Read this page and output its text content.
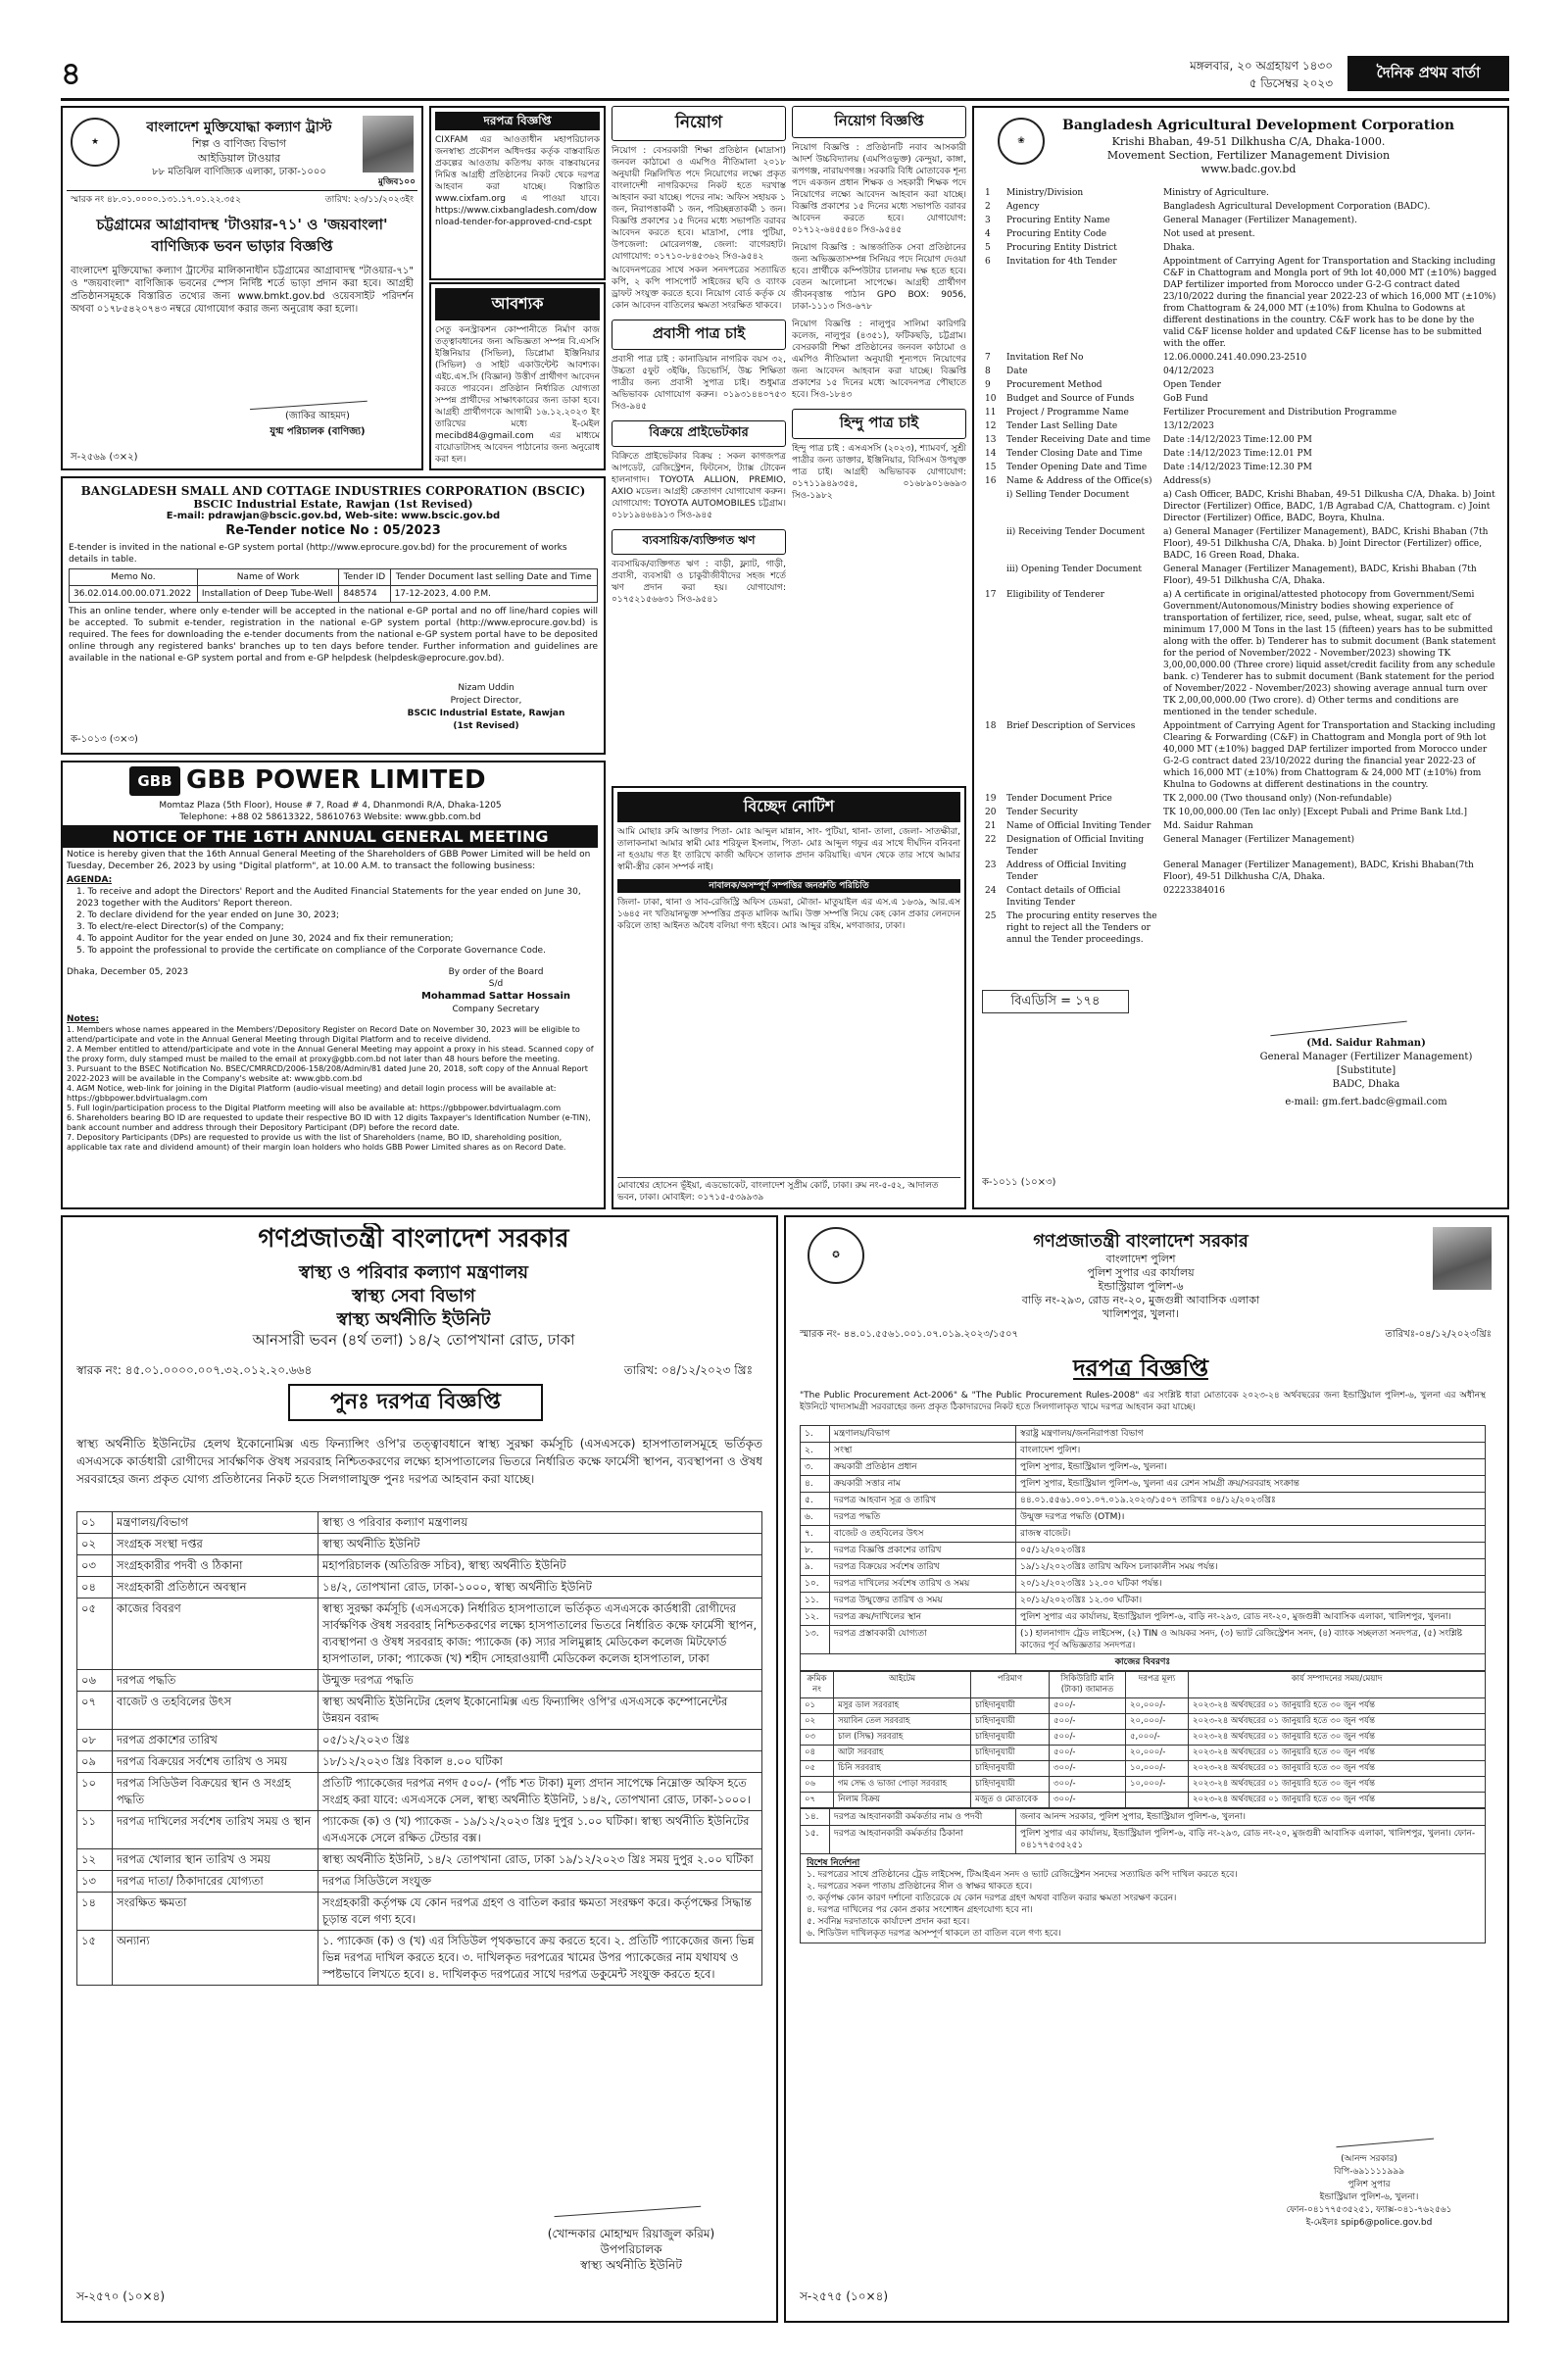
৪	মঙ্গলবার, ২০ অগ্রহায়ণ ১৪৩০
৫ ডিসেম্বর ২০২৩
দৈনিক প্রথম বার্তা
★
বাংলাদেশ মুক্তিযোদ্ধা কল্যাণ ট্রাস্ট
শিল্প ও বাণিজ্য বিভাগ
আইডিয়াল টাওয়ার
৮৮ মতিঝিল বাণিজ্যিক এলাকা, ঢাকা-১০০০
মুজিব১০০
স্মারক নং ৪৮.০১.০০০০.১৩১.১৭.০১.২২.৩৫২	তারিখ: ২৩/১১/২০২৩ইং
চট্টগ্রামের আগ্রাবাদস্থ 'টাওয়ার-৭১' ও 'জয়বাংলা' বাণিজ্যিক ভবন ভাড়ার বিজ্ঞপ্তি
বাংলাদেশ মুক্তিযোদ্ধা কল্যাণ ট্রাস্টের মালিকানাধীন চট্টগ্রামের আগ্রাবাদস্থ "টাওয়ার-৭১" ও "জয়বাংলা" বাণিজ্যিক ভবনের স্পেস নির্দিষ্ট শর্তে ভাড়া প্রদান করা হবে। আগ্রহী প্রতিষ্ঠানসমূহকে বিস্তারিত তথ্যের জন্য www.bmkt.gov.bd ওয়েবসাইট পরিদর্শন অথবা ০১৭৮৫৪২০৭৪৩ নম্বরে যোগাযোগ করার জন্য অনুরোধ করা হলো।
(জাকির আহমদ)
যুগ্ম পরিচালক (বাণিজ্য)
স-২৫৬৯ (৩×২)
দরপত্র বিজ্ঞপ্তি
CIXFAM এর আওতাধীন মহাপরিচালক জনস্বাস্থ্য প্রকৌশল অধিদপ্তর কর্তৃক বাস্তবায়িত প্রকল্পের আওতায় কতিপয় কাজ বাস্তবায়নের নিমিত্ত আগ্রহী প্রতিষ্ঠানের নিকট থেকে দরপত্র আহবান করা যাচ্ছে। বিস্তারিত www.cixfam.org এ পাওয়া যাবে। https://www.cixbangladesh.com/download-tender-for-approved-cnd-cspt
আবশ্যক
সেতু কনস্ট্রাকশন কোম্পানীতে নির্মাণ কাজ তত্ত্বাবধানের জন্য অভিজ্ঞতা সম্পন্ন বি.এসসি ইঞ্জিনিয়ার (সিভিল), ডিপ্লোমা ইঞ্জিনিয়ার (সিভিল) ও সাইট একাউন্টেন্ট আবশ্যক। এইচ.এস.সি (বিজ্ঞান) উত্তীর্ণ প্রার্থীগণ আবেদন করতে পারবেন। প্রতিষ্ঠান নির্ধারিত যোগ্যতা সম্পন্ন প্রার্থীদের সাক্ষাৎকারের জন্য ডাকা হবে। আগ্রহী প্রার্থীগণকে আগামী ১৬.১২.২০২৩ ইং তারিখের মধ্যে ই-মেইল mecibd84@gmail.com এর মাধ্যমে বায়োডাটাসহ আবেদন পাঠানোর জন্য অনুরোধ করা হল।
BANGLADESH SMALL AND COTTAGE INDUSTRIES CORPORATION (BSCIC)
BSCIC Industrial Estate, Rawjan (1st Revised)
E-mail: pdrawjan@bscic.gov.bd, Web-site: www.bscic.gov.bd
Re-Tender notice No : 05/2023
E-tender is invited in the national e-GP system portal (http://www.eprocure.gov.bd) for the procurement of works details in table.
Memo No.	Name of Work	Tender ID	Tender Document last selling Date and Time
36.02.014.00.00.071.2022	Installation of Deep Tube-Well	848574	17-12-2023, 4.00 P.M.
This an online tender, where only e-tender will be accepted in the national e-GP portal and no off line/hard copies will be accepted. To submit e-tender, registration in the national e-GP system portal (http://www.eprocure.gov.bd) is required. The fees for downloading the e-tender documents from the national e-GP system portal have to be deposited online through any registered banks' branches up to ten days before tender. Further information and guidelines are available in the national e-GP system portal and from e-GP helpdesk (helpdesk@eprocure.gov.bd).
Nizam Uddin
Project Director,
BSCIC Industrial Estate, Rawjan
(1st Revised)
ক-১০১৩ (৩×৩)
GBB GBB POWER LIMITED
Momtaz Plaza (5th Floor), House # 7, Road # 4, Dhanmondi R/A, Dhaka-1205
Telephone: +88 02 58613322, 58610763 Website: www.gbb.com.bd
NOTICE OF THE 16TH ANNUAL GENERAL MEETING
Notice is hereby given that the 16th Annual General Meeting of the Shareholders of GBB Power Limited will be held on Tuesday, December 26, 2023 by using "Digital platform", at 10.00 A.M. to transact the following business:
AGENDA:
1. To receive and adopt the Directors' Report and the Audited Financial Statements for the year ended on June 30, 2023 together with the Auditors' Report thereon.
2. To declare dividend for the year ended on June 30, 2023;
3. To elect/re-elect Director(s) of the Company;
4. To appoint Auditor for the year ended on June 30, 2024 and fix their remuneration;
5. To appoint the professional to provide the certificate on compliance of the Corporate Governance Code.
Dhaka, December 05, 2023	By order of the Board
S/d
Mohammad Sattar Hossain
Company Secretary
Notes:
1. Members whose names appeared in the Members'/Depository Register on Record Date on November 30, 2023 will be eligible to attend/participate and vote in the Annual General Meeting through Digital Platform and to receive dividend.
2. A Member entitled to attend/participate and vote in the Annual General Meeting may appoint a proxy in his stead. Scanned copy of the proxy form, duly stamped must be mailed to the email at proxy@gbb.com.bd not later than 48 hours before the meeting.
3. Pursuant to the BSEC Notification No. BSEC/CMRRCD/2006-158/208/Admin/81 dated June 20, 2018, soft copy of the Annual Report 2022-2023 will be available in the Company's website at: www.gbb.com.bd
4. AGM Notice, web-link for joining in the Digital Platform (audio-visual meeting) and detail login process will be available at: https://gbbpower.bdvirtualagm.com
5. Full login/participation process to the Digital Platform meeting will also be available at: https://gbbpower.bdvirtualagm.com
6. Shareholders bearing BO ID are requested to update their respective BO ID with 12 digits Taxpayer's Identification Number (e-TIN), bank account number and address through their Depository Participant (DP) before the record date.
7. Depository Participants (DPs) are requested to provide us with the list of Shareholders (name, BO ID, shareholding position, applicable tax rate and dividend amount) of their margin loan holders who holds GBB Power Limited shares as on Record Date.
নিয়োগ
নিয়োগ : বেসরকারী শিক্ষা প্রতিষ্ঠান (মাদ্রাসা) জনবল কাঠামো ও এমপিও নীতিমালা ২০১৮ অনুযায়ী নিম্নলিখিত পদে নিয়োগের লক্ষ্যে প্রকৃত বাংলাদেশী নাগরিকদের নিকট হতে দরখাস্ত আহবান করা যাচ্ছে। পদের নাম: অফিস সহায়ক ১ জন, নিরাপত্তাকর্মী ১ জন, পরিচ্ছন্নতাকর্মী ১ জন। বিজ্ঞপ্তি প্রকাশের ১৫ দিনের মধ্যে সভাপতি বরাবর আবেদন করতে হবে। মাদ্রাসা, পোঃ পুটিয়া, উপজেলা: মোরেলগঞ্জ, জেলা: বাগেরহাট। যোগাযোগ: ০১৭১০-৮৪৫৩৬২ সিও-৯৫৪২
আবেদনপত্রের সাথে সকল সনদপত্রের সত্যায়িত কপি, ২ কপি পাসপোর্ট সাইজের ছবি ও ব্যাংক ড্রাফট সংযুক্ত করতে হবে। নিয়োগ বোর্ড কর্তৃক যে কোন আবেদন বাতিলের ক্ষমতা সংরক্ষিত থাকবে।
প্রবাসী পাত্র চাই
প্রবাসী পাত্র চাই : কানাডিয়ান নাগরিক বয়স ৩২, উচ্চতা ৫ফুট ৩ইঞ্চি, ডিভোর্সি, উচ্চ শিক্ষিতা পাত্রীর জন্য প্রবাসী সুপাত্র চাই। শুধুমাত্র অভিভাবক যোগাযোগ করুন। ০১৯৩১৪৪০৭৫৩ সিও-৯৪৫
বিক্রয়ে প্রাইভেটকার
বিক্রিতে প্রাইভেটকার বিক্রয় : সকল কাগজপত্র আপডেট, রেজিস্ট্রেশন, ফিটনেস, ট্যাক্স টোকেন হালনাগাদ। TOYOTA ALLION, PREMIO, AXIO মডেল। আগ্রহী ক্রেতাগণ যোগাযোগ করুন। যোগাযোগ: TOYOTA AUTOMOBILES চট্টগ্রাম। ০১৮১৯৪৬৪৯১৩ সিও-৯৪৫
ব্যবসায়িক/ব্যক্তিগত ঋণ
ব্যবসায়িক/ব্যক্তিগত ঋণ : বাড়ী, ফ্ল্যাট, গাড়ী, প্রবাসী, ব্যবসায়ী ও চাকুরীজীবীদের সহজ শর্তে ঋণ প্রদান করা হয়। যোগাযোগ: ০১৭৫২১৫৬৬৩১ সিও-৯৫৪১
নিয়োগ বিজ্ঞপ্তি
নিয়োগ বিজ্ঞপ্তি : প্রতিষ্ঠানটি নবাব আসকারী আদর্শ উচ্চবিদ্যালয় (এমপিওভুক্ত) কেন্দুয়া, কাঙ্গা, রূপগঞ্জ, নারায়ণগঞ্জ। সরকারি বিধি মোতাবেক শূন্য পদে একজন প্রধান শিক্ষক ও সহকারী শিক্ষক পদে নিয়োগের লক্ষ্যে আবেদন আহবান করা যাচ্ছে। বিজ্ঞপ্তি প্রকাশের ১৫ দিনের মধ্যে সভাপতি বরাবর আবেদন করতে হবে। যোগাযোগ: ০১৭১২-৬৪৫৫৪০ সিও-৯৫৪৫
নিয়োগ বিজ্ঞপ্তি : আন্তর্জাতিক সেবা প্রতিষ্ঠানের জন্য অভিজ্ঞতাসম্পন্ন সিনিয়র পদে নিয়োগ দেওয়া হবে। প্রার্থীকে কম্পিউটার চালনায় দক্ষ হতে হবে। বেতন আলোচনা সাপেক্ষে। আগ্রহী প্রার্থীগণ জীবনবৃত্তান্ত পাঠান GPO BOX: 9056, ঢাকা-১১১৩ সিও-৬৭৮
নিয়োগ বিজ্ঞপ্তি : নালুপুর সালিমা কারিগরি কলেজ, নালুপুর (৪৩৫১), ফটিকছড়ি, চট্টগ্রাম। বেসরকারী শিক্ষা প্রতিষ্ঠানের জনবল কাঠামো ও এমপিও নীতিমালা অনুযায়ী শূন্যপদে নিয়োগের জন্য আবেদন আহবান করা যাচ্ছে। বিজ্ঞপ্তি প্রকাশের ১৫ দিনের মধ্যে আবেদনপত্র পৌছাতে হবে। সিও-১৮৪৩
হিন্দু পাত্র চাই
হিন্দু পাত্র চাই : এসএসসি (২০২৩), শ্যামবর্ণ, সুশ্রী পাত্রীর জন্য ডাক্তার, ইঞ্জিনিয়ার, বিসিএস উপযুক্ত পাত্র চাই। আগ্রহী অভিভাবক যোগাযোগ: ০১৭১১৯৪৯৩৫৪, ০১৬৮৯০১৬৬৯৩ সিও-১৯৮২
বিচ্ছেদ নোটিশ
আমি মোছাঃ রুমি আক্তার পিতা- মোঃ আব্দুল মান্নান, সাং- পুটিয়া, থানা- তালা, জেলা- সাতক্ষীরা, তালাকনামা আমার স্বামী মোঃ শরিফুল ইসলাম, পিতা- মোঃ আব্দুল গফুর এর সাথে দীর্ঘদিন বনিবনা না হওয়ায় গত ইং তারিখে কাজী অফিসে তালাক প্রদান করিয়াছি। এখন থেকে তার সাথে আমার স্বামী-স্ত্রীর কোন সম্পর্ক নাই।
নাবালক/অসম্পূর্ণ সম্পত্তির জনশ্রুতি পরিচিতি
জিলা- ঢাকা, থানা ও সাব-রেজিস্ট্রি অফিস ডেমরা, মৌজা- মাতুয়াইল এর এস.এ ১৬৩৯, আর.এস ১৬৪৫ নং খতিয়ানভুক্ত সম্পত্তির প্রকৃত মালিক আমি। উক্ত সম্পত্তি নিয়ে কেহ কোন প্রকার লেনদেন করিলে তাহা আইনত অবৈধ বলিয়া গণ্য হইবে। মোঃ আব্দুর রহিম, মগবাজার, ঢাকা।
মোবাশ্বের হোসেন ভূঁইয়া, এডভোকেট, বাংলাদেশ সুপ্রীম কোর্ট, ঢাকা। রুম নং-৫-৫২, আদালত ভবন, ঢাকা। মোবাইল: ০১৭১৫-৫৩৯৯৩৯
❀
Bangladesh Agricultural Development Corporation
Krishi Bhaban, 49-51 Dilkhusha C/A, Dhaka-1000.
Movement Section, Fertilizer Management Division
www.badc.gov.bd
1	Ministry/Division	Ministry of Agriculture.
2	Agency	Bangladesh Agricultural Development Corporation (BADC).
3	Procuring Entity Name	General Manager (Fertilizer Management).
4	Procuring Entity Code	Not used at present.
5	Procuring Entity District	Dhaka.
6	Invitation for 4th Tender	Appointment of Carrying Agent for Transportation and Stacking including C&F in Chattogram and Mongla port of 9th lot 40,000 MT (±10%) bagged DAP fertilizer imported from Morocco under G-2-G contract dated 23/10/2022 during the financial year 2022-23 of which 16,000 MT (±10%) from Chattogram & 24,000 MT (±10%) from Khulna to Godowns at different destinations in the country. C&F work has to be done by the valid C&F license holder and updated C&F license has to be submitted with the offer.
7	Invitation Ref No	12.06.0000.241.40.090.23-2510
8	Date	04/12/2023
9	Procurement Method	Open Tender
10	Budget and Source of Funds	GoB Fund
11	Project / Programme Name	Fertilizer Procurement and Distribution Programme
12	Tender Last Selling Date	13/12/2023
13	Tender Receiving Date and time	Date :14/12/2023 Time:12.00 PM
14	Tender Closing Date and Time	Date :14/12/2023 Time:12.01 PM
15	Tender Opening Date and Time	Date :14/12/2023 Time:12.30 PM
16	Name & Address of the Office(s)	Address(s)
	i) Selling Tender Document	a) Cash Officer, BADC, Krishi Bhaban, 49-51 Dilkusha C/A, Dhaka. b) Joint Director (Fertilizer) Office, BADC, 1/B Agrabad C/A, Chattogram. c) Joint Director (Fertilizer) Office, BADC, Boyra, Khulna.
	ii) Receiving Tender Document	a) General Manager (Fertilizer Management), BADC, Krishi Bhaban (7th Floor), 49-51 Dilkhusha C/A, Dhaka. b) Joint Director (Fertilizer) office, BADC, 16 Green Road, Dhaka.
	iii) Opening Tender Document	General Manager (Fertilizer Management), BADC, Krishi Bhaban (7th Floor), 49-51 Dilkhusha C/A, Dhaka.
17	Eligibility of Tenderer	a) A certificate in original/attested photocopy from Government/Semi Government/Autonomous/Ministry bodies showing experience of transportation of fertilizer, rice, seed, pulse, wheat, sugar, salt etc of minimum 17,000 M Tons in the last 15 (fifteen) years has to be submitted along with the offer. b) Tenderer has to submit document (Bank statement for the period of November/2022 - November/2023) showing TK 3,00,00,000.00 (Three crore) liquid asset/credit facility from any schedule bank. c) Tenderer has to submit document (Bank statement for the period of November/2022 - November/2023) showing average annual turn over TK 2,00,00,000.00 (Two crore). d) Other terms and conditions are mentioned in the tender schedule.
18	Brief Description of Services	Appointment of Carrying Agent for Transportation and Stacking including Clearing & Forwarding (C&F) in Chattogram and Mongla port of 9th lot 40,000 MT (±10%) bagged DAP fertilizer imported from Morocco under G-2-G contract dated 23/10/2022 during the financial year 2022-23 of which 16,000 MT (±10%) from Chattogram & 24,000 MT (±10%) from Khulna to Godowns at different destinations in the country.
19	Tender Document Price	TK 2,000.00 (Two thousand only) (Non-refundable)
20	Tender Security	TK 10,00,000.00 (Ten lac only) [Except Pubali and Prime Bank Ltd.]
21	Name of Official Inviting Tender	Md. Saidur Rahman
22	Designation of Official Inviting Tender	General Manager (Fertilizer Management)
23	Address of Official Inviting Tender	General Manager (Fertilizer Management), BADC, Krishi Bhaban(7th Floor), 49-51 Dilkhusha C/A, Dhaka.
24	Contact details of Official Inviting Tender	02223384016
25	The procuring entity reserves the right to reject all the Tenders or annul the Tender proceedings.	
(Md. Saidur Rahman)
General Manager (Fertilizer Management)
[Substitute]
BADC, Dhaka
e-mail: gm.fert.badc@gmail.com
বিএডিসি = ১৭৪
ক-১০১১ (১০×৩)
গণপ্রজাতন্ত্রী বাংলাদেশ সরকার
স্বাস্থ্য ও পরিবার কল্যাণ মন্ত্রণালয়
স্বাস্থ্য সেবা বিভাগ
স্বাস্থ্য অর্থনীতি ইউনিট
আনসারী ভবন (৪র্থ তলা) ১৪/২ তোপখানা রোড, ঢাকা
স্বারক নং: ৪৫.০১.০০০০.০০৭.৩২.০১২.২০.৬৬৪	তারিখ: ০৪/১২/২০২৩ খ্রিঃ
পুনঃ দরপত্র বিজ্ঞপ্তি
স্বাস্থ্য অর্থনীতি ইউনিটের হেলথ ইকোনোমিক্স এন্ড ফিন্যান্সিং ওপি'র তত্ত্বাবধানে স্বাস্থ্য সুরক্ষা কর্মসূচি (এসএসকে) হাসপাতালসমূহে ভর্তিকৃত এসএসকে কার্ডধারী রোগীদের সার্বক্ষণিক ঔষধ সরবরাহ নিশ্চিতকরণের লক্ষ্যে হাসপাতালের ভিতরে নির্ধারিত কক্ষে ফার্মেসী স্থাপন, ব্যবস্থাপনা ও ঔষধ সরবরাহের জন্য প্রকৃত যোগ্য প্রতিষ্ঠানের নিকট হতে সিলগালাযুক্ত পুনঃ দরপত্র আহবান করা যাচ্ছে।
০১	মন্ত্রণালয়/বিভাগ	স্বাস্থ্য ও পরিবার কল্যাণ মন্ত্রণালয়
০২	সংগ্রহক সংস্থা দপ্তর	স্বাস্থ্য অর্থনীতি ইউনিট
০৩	সংগ্রহকারীর পদবী ও ঠিকানা	মহাপরিচালক (অতিরিক্ত সচিব), স্বাস্থ্য অর্থনীতি ইউনিট
০৪	সংগ্রহকারী প্রতিষ্ঠানে অবস্থান	১৪/২, তোপখানা রোড, ঢাকা-১০০০, স্বাস্থ্য অর্থনীতি ইউনিট
০৫	কাজের বিবরণ	স্বাস্থ্য সুরক্ষা কর্মসূচি (এসএসকে) নির্ধারিত হাসপাতালে ভর্তিকৃত এসএসকে কার্ডধারী রোগীদের সার্বক্ষণিক ঔষধ সরবরাহ নিশ্চিতকরণের লক্ষ্যে হাসপাতালের ভিতরে নির্ধারিত কক্ষে ফার্মেসী স্থাপন, ব্যবস্থাপনা ও ঔষধ সরবরাহ কাজ: প্যাকেজ (ক) স্যার সলিমুল্লাহ মেডিকেল কলেজ মিটফোর্ড হাসপাতাল, ঢাকা; প্যাকেজ (খ) শহীদ সোহরাওয়ার্দী মেডিকেল কলেজ হাসপাতাল, ঢাকা
০৬	দরপত্র পদ্ধতি	উন্মুক্ত দরপত্র পদ্ধতি
০৭	বাজেট ও তহবিলের উৎস	স্বাস্থ্য অর্থনীতি ইউনিটের হেলথ ইকোনোমিক্স এন্ড ফিন্যান্সিং ওপি'র এসএসকে কম্পোনেন্টের উন্নয়ন বরাদ্দ
০৮	দরপত্র প্রকাশের তারিখ	০৫/১২/২০২৩ খ্রিঃ
০৯	দরপত্র বিক্রয়ের সর্বশেষ তারিখ ও সময়	১৮/১২/২০২৩ খ্রিঃ বিকাল ৪.০০ ঘটিকা
১০	দরপত্র সিডিউল বিক্রয়ের স্থান ও সংগ্রহ পদ্ধতি	প্রতিটি প্যাকেজের দরপত্র নগদ ৫০০/- (পাঁচ শত টাকা) মূল্য প্রদান সাপেক্ষে নিম্নোক্ত অফিস হতে সংগ্রহ করা যাবে: এসএসকে সেল, স্বাস্থ্য অর্থনীতি ইউনিট, ১৪/২, তোপখানা রোড, ঢাকা-১০০০।
১১	দরপত্র দাখিলের সর্বশেষ তারিখ সময় ও স্থান	প্যাকেজ (ক) ও (খ) প্যাকেজ - ১৯/১২/২০২৩ খ্রিঃ দুপুর ১.০০ ঘটিকা। স্বাস্থ্য অর্থনীতি ইউনিটের এসএসকে সেলে রক্ষিত টেন্ডার বক্স।
১২	দরপত্র খোলার স্থান তারিখ ও সময়	স্বাস্থ্য অর্থনীতি ইউনিট, ১৪/২ তোপখানা রোড, ঢাকা ১৯/১২/২০২৩ খ্রিঃ সময় দুপুর ২.০০ ঘটিকা
১৩	দরপত্র দাতা/ ঠিকাদারের যোগ্যতা	দরপত্র সিডিউলে সংযুক্ত
১৪	সংরক্ষিত ক্ষমতা	সংগ্রহকারী কর্তৃপক্ষ যে কোন দরপত্র গ্রহণ ও বাতিল করার ক্ষমতা সংরক্ষণ করে। কর্তৃপক্ষের সিদ্ধান্ত চূড়ান্ত বলে গণ্য হবে।
১৫	অন্যান্য	১. প্যাকেজ (ক) ও (খ) এর সিডিউল পৃথকভাবে ক্রয় করতে হবে। ২. প্রতিটি প্যাকেজের জন্য ভিন্ন ভিন্ন দরপত্র দাখিল করতে হবে। ৩. দাখিলকৃত দরপত্রের খামের উপর প্যাকেজের নাম যথাযথ ও স্পষ্টভাবে লিখতে হবে। ৪. দাখিলকৃত দরপত্রের সাথে দরপত্র ডকুমেন্ট সংযুক্ত করতে হবে।
(খোন্দকার মোহাম্মদ রিয়াজুল করিম)
উপপরিচালক
স্বাস্থ্য অর্থনীতি ইউনিট
স-২৫৭০ (১০×৪)
✪
গণপ্রজাতন্ত্রী বাংলাদেশ সরকার
বাংলাদেশ পুলিশ
পুলিশ সুপার এর কার্যালয়
ইন্ডাস্ট্রিয়াল পুলিশ-৬
বাড়ি নং-২৯৩, রোড নং-২০, মুজগুন্নী আবাসিক এলাকা
খালিশপুর, খুলনা।
স্মারক নং- ৪৪.০১.৫৫৬১.০০১.০৭.০১৯.২০২৩/১৫০৭	তারিখঃ-০৪/১২/২০২৩খ্রিঃ
দরপত্র বিজ্ঞপ্তি
"The Public Procurement Act-2006" & "The Public Procurement Rules-2008" এর সংশ্লিষ্ট ধারা মোতাবেক ২০২৩-২৪ অর্থবছরের জন্য ইন্ডাস্ট্রিয়াল পুলিশ-৬, খুলনা এর অধীনস্থ ইউনিটে খাদ্যসামগ্রী সরবরাহের জন্য প্রকৃত ঠিকাদারদের নিকট হতে সিলগালাকৃত খামে দরপত্র আহবান করা যাচ্ছে।
১.	মন্ত্রণালয়/বিভাগ	স্বরাষ্ট্র মন্ত্রণালয়/জননিরাপত্তা বিভাগ
২.	সংস্থা	বাংলাদেশ পুলিশ।
৩.	ক্রয়কারী প্রতিষ্ঠান প্রধান	পুলিশ সুপার, ইন্ডাস্ট্রিয়াল পুলিশ-৬, খুলনা।
৪.	ক্রয়কারী সত্তার নাম	পুলিশ সুপার, ইন্ডাস্ট্রিয়াল পুলিশ-৬, খুলনা এর রেশন সামগ্রী ক্রয়/সরবরাহ সংক্রান্ত
৫.	দরপত্র আহবান সূত্র ও তারিখ	৪৪.০১.৫৫৬১.০০১.০৭.০১৯.২০২৩/১৫০৭ তারিখঃ ০৪/১২/২০২৩খ্রিঃ
৬.	দরপত্র পদ্ধতি	উন্মুক্ত দরপত্র পদ্ধতি (OTM)।
৭.	বাজেট ও তহবিলের উৎস	রাজস্ব বাজেট।
৮.	দরপত্র বিজ্ঞপ্তি প্রকাশের তারিখ	০৫/১২/২০২৩খ্রিঃ
৯.	দরপত্র বিক্রয়ের সর্বশেষ তারিখ	১৯/১২/২০২৩খ্রিঃ তারিখ অফিস চলাকালীন সময় পর্যন্ত।
১০.	দরপত্র দাখিলের সর্বশেষ তারিখ ও সময়	২০/১২/২০২৩খ্রিঃ ১২.০০ ঘটিকা পর্যন্ত।
১১.	দরপত্র উন্মুক্তের তারিখ ও সময়	২০/১২/২০২৩খ্রিঃ ১২.৩০ ঘটিকা।
১২.	দরপত্র ক্রয়/দাখিলের স্থান	পুলিশ সুপার এর কার্যালয়, ইন্ডাস্ট্রিয়াল পুলিশ-৬, বাড়ি নং-২৯৩, রোড নং-২০, মুজগুন্নী আবাসিক এলাকা, খালিশপুর, খুলনা।
১৩.	দরপত্র প্রস্তাবকারী যোগ্যতা	(১) হালনাগাদ ট্রেড লাইসেন্স, (২) TIN ও আয়কর সনদ, (৩) ভ্যাট রেজিস্ট্রেশন সনদ, (৪) ব্যাংক সচ্ছলতা সনদপত্র, (৫) সংশ্লিষ্ট কাজের পূর্ব অভিজ্ঞতার সনদপত্র।
কাজের বিবরণঃ
ক্রমিক নং	আইটেম	পরিমাণ	সিকিউরিটি মানি (টাকা) জামানত	দরপত্র মূল্য	কার্য সম্পাদনের সময়/মেয়াদ
০১	মসুর ডাল সরবরাহ	চাহিদানুযায়ী	৫০০/-	২০,০০০/-	২০২৩-২৪ অর্থবছরের ০১ জানুয়ারি হতে ৩০ জুন পর্যন্ত
০২	সয়াবিন তেল সরবরাহ	চাহিদানুযায়ী	৫০০/-	২০,০০০/-	২০২৩-২৪ অর্থবছরের ০১ জানুয়ারি হতে ৩০ জুন পর্যন্ত
০৩	চাল (সিদ্ধ) সরবরাহ	চাহিদানুযায়ী	৫০০/-	৫,০০০/-	২০২৩-২৪ অর্থবছরের ০১ জানুয়ারি হতে ৩০ জুন পর্যন্ত
০৪	আটা সরবরাহ	চাহিদানুযায়ী	৫০০/-	২০,০০০/-	২০২৩-২৪ অর্থবছরের ০১ জানুয়ারি হতে ৩০ জুন পর্যন্ত
০৫	চিনি সরবরাহ	চাহিদানুযায়ী	৩০০/-	১০,০০০/-	২০২৩-২৪ অর্থবছরের ০১ জানুয়ারি হতে ৩০ জুন পর্যন্ত
০৬	গম সেদ্ধ ও ভাজা পোড়া সরবরাহ	চাহিদানুযায়ী	৩০০/-	১০,০০০/-	২০২৩-২৪ অর্থবছরের ০১ জানুয়ারি হতে ৩০ জুন পর্যন্ত
০৭	নিলাম বিক্রয়	মজুত ও মোতাবেক	৩০০/-		২০২৩-২৪ অর্থবছরের ০১ জানুয়ারি হতে ৩০ জুন পর্যন্ত
১৪.	দরপত্র আহবানকারী কর্মকর্তার নাম ও পদবী	জনাব আনন্দ সরকার, পুলিশ সুপার, ইন্ডাস্ট্রিয়াল পুলিশ-৬, খুলনা।
১৫.	দরপত্র আহবানকারী কর্মকর্তার ঠিকানা	পুলিশ সুপার এর কার্যালয়, ইন্ডাস্ট্রিয়াল পুলিশ-৬, বাড়ি নং-২৯৩, রোড নং-২০, মুজগুন্নী আবাসিক এলাকা, খালিশপুর, খুলনা। ফোন- ০৪১৭৭৫৩৫২৫১
বিশেষ নির্দেশনা
১. দরপত্রের সাথে প্রতিষ্ঠানের ট্রেড লাইসেন্স, টিআইএন সনদ ও ভ্যাট রেজিস্ট্রেশন সনদের সত্যায়িত কপি দাখিল করতে হবে।
২. দরপত্রের সকল পাতায় প্রতিষ্ঠানের সীল ও স্বাক্ষর থাকতে হবে।
৩. কর্তৃপক্ষ কোন কারণ দর্শানো ব্যতিরেকে যে কোন দরপত্র গ্রহণ অথবা বাতিল করার ক্ষমতা সংরক্ষণ করেন।
৪. দরপত্র দাখিলের পর কোন প্রকার সংশোধন গ্রহণযোগ্য হবে না।
৫. সর্বনিম্ন দরদাতাকে কার্যাদেশ প্রদান করা হবে।
৬. শিডিউল দাখিলকৃত দরপত্র অসম্পূর্ণ থাকলে তা বাতিল বলে গণ্য হবে।
(আনন্দ সরকার)
বিপি-৬৯১১১১৯৯৯
পুলিশ সুপার
ইন্ডাস্ট্রিয়াল পুলিশ-৬, খুলনা।
ফোন-০৪১৭৭৫৩৫২৫১, ফ্যাক্স-০৪১-৭৬২৫৬১
ই-মেইলঃ spip6@police.gov.bd
স-২৫৭৫ (১০×৪)
